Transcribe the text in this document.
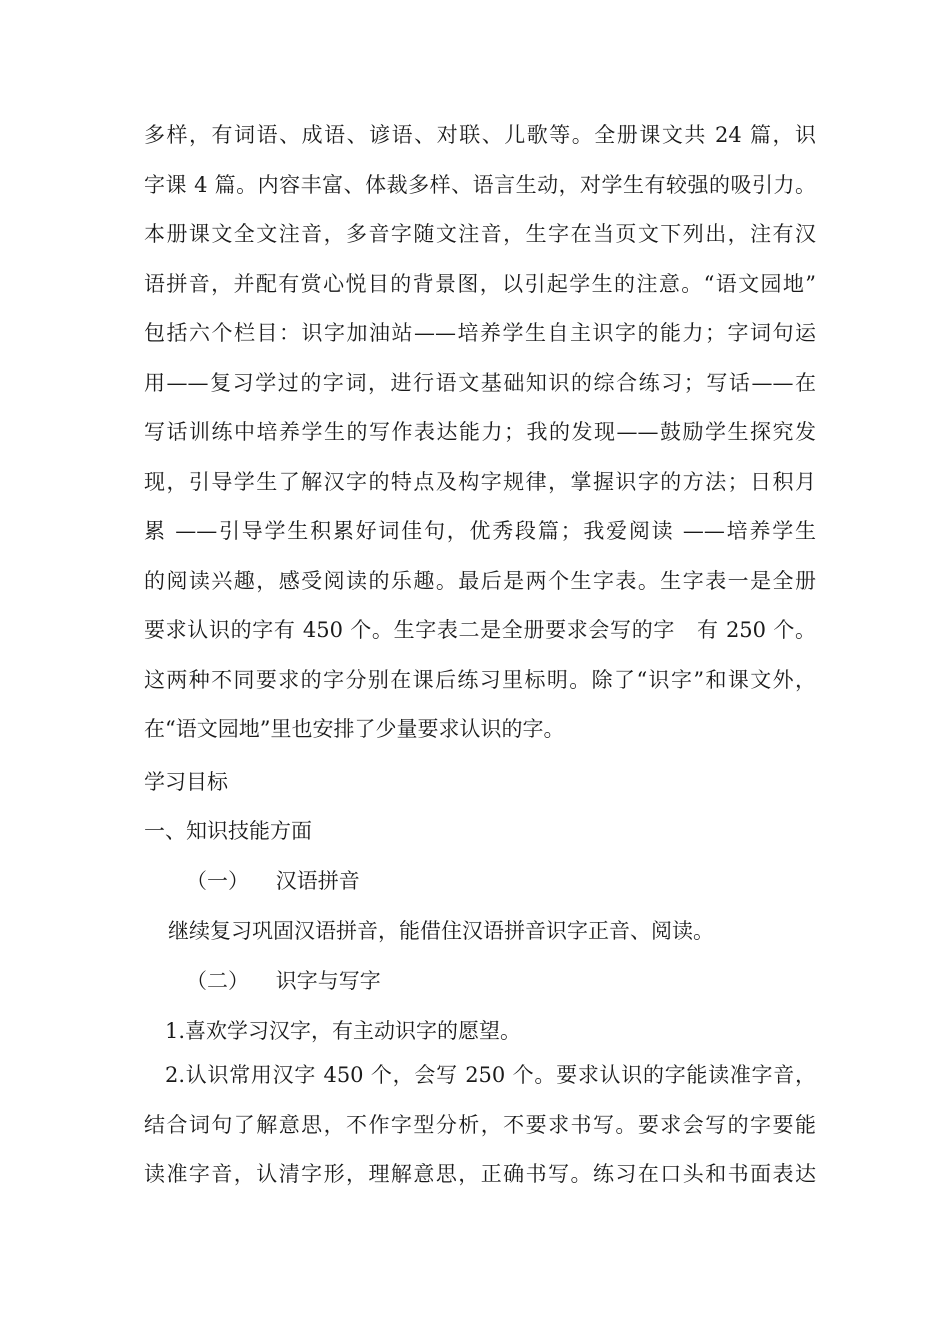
多样，有词语、成语、谚语、对联、儿歌等。全册课文共 24 篇，识
字课 4 篇。内容丰富、体裁多样、语言生动，对学生有较强的吸引力。
本册课文全文注音，多音字随文注音，生字在当页文下列出，注有汉
语拼音，并配有赏心悦目的背景图，以引起学生的注意。“语文园地”
包括六个栏目：识字加油站——培养学生自主识字的能力；字词句运
用——复习学过的字词，进行语文基础知识的综合练习；写话——在
写话训练中培养学生的写作表达能力；我的发现——鼓励学生探究发
现，引导学生了解汉字的特点及构字规律，掌握识字的方法；日积月
累 ——引导学生积累好词佳句，优秀段篇；我爱阅读 ——培养学生
的阅读兴趣，感受阅读的乐趣。最后是两个生字表。生字表一是全册
要求认识的字有 450 个。生字表二是全册要求会写的字   有 250 个。
这两种不同要求的字分别在课后练习里标明。除了“识字”和课文外，
在“语文园地”里也安排了少量要求认识的字。
学习目标
一、知识技能方面
（一）    汉语拼音
继续复习巩固汉语拼音，能借住汉语拼音识字正音、阅读。
（二）    识字与写字
1.喜欢学习汉字，有主动识字的愿望。
2.认识常用汉字 450 个，会写 250 个。要求认识的字能读准字音，
结合词句了解意思，不作字型分析，不要求书写。要求会写的字要能
读准字音，认清字形，理解意思，正确书写。练习在口头和书面表达
